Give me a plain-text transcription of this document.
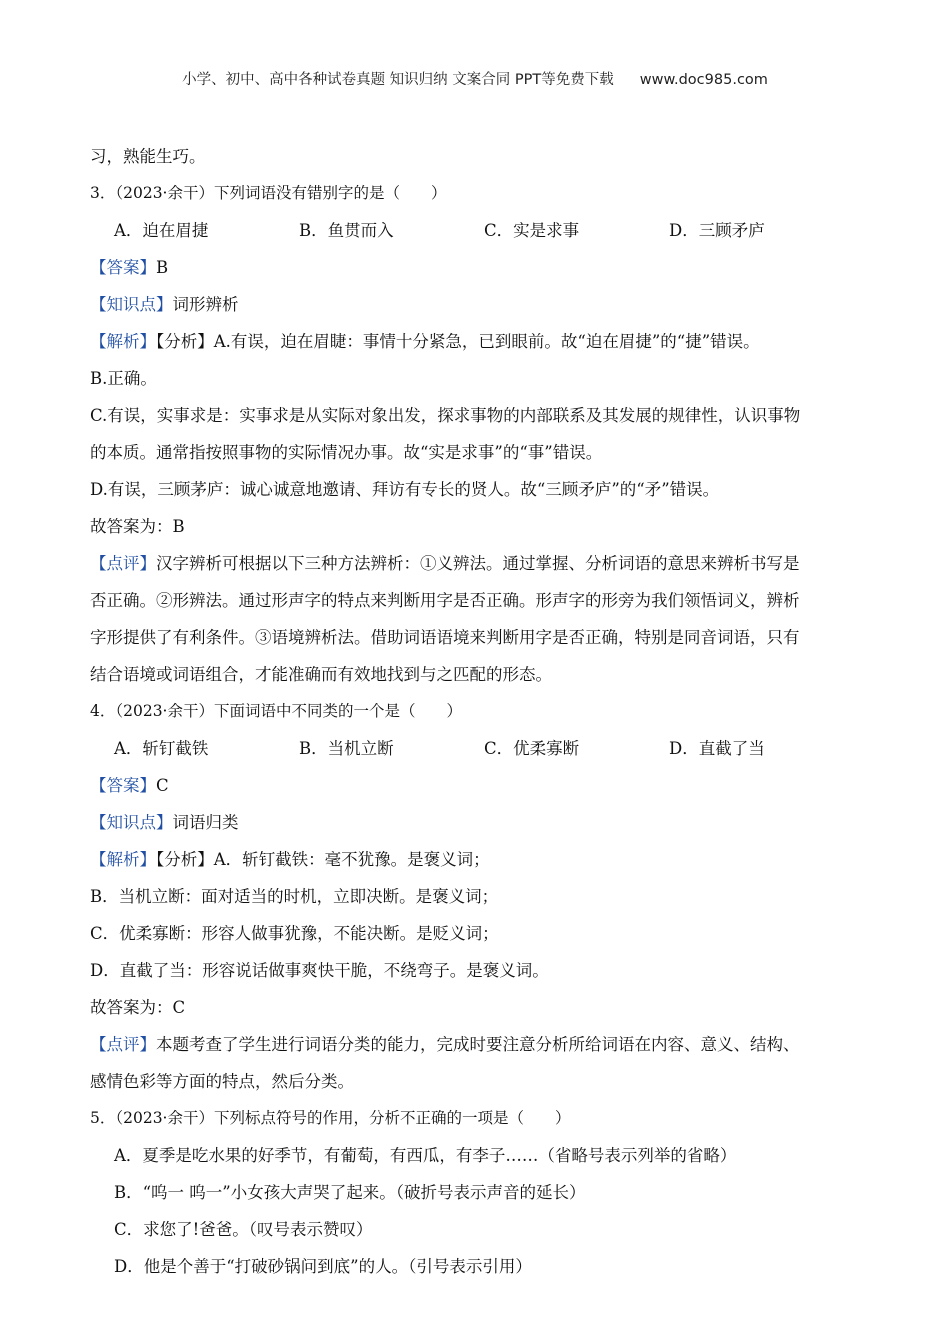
小学、初中、高中各种试卷真题 知识归纳 文案合同 PPT等免费下载 www.doc985.com
习，熟能生巧。
3．（2023·余干）下列词语没有错别字的是（　　）
A．迫在眉捷	B．鱼贯而入	C．实是求事	D．三顾矛庐
【答案】B
【知识点】词形辨析
【解析】【分析】A.有误，迫在眉睫：事情十分紧急，已到眼前。故“迫在眉捷”的“捷”错误。
B.正确。
C.有误，实事求是：实事求是从实际对象出发，探求事物的内部联系及其发展的规律性，认识事物
的本质。通常指按照事物的实际情况办事。故“实是求事”的“事”错误。
D.有误，三顾茅庐：诚心诚意地邀请、拜访有专长的贤人。故“三顾矛庐”的“矛”错误。
故答案为：B
【点评】汉字辨析可根据以下三种方法辨析：①义辨法。通过掌握、分析词语的意思来辨析书写是
否正确。②形辨法。通过形声字的特点来判断用字是否正确。形声字的形旁为我们领悟词义，辨析
字形提供了有利条件。③语境辨析法。借助词语语境来判断用字是否正确，特别是同音词语，只有
结合语境或词语组合，才能准确而有效地找到与之匹配的形态。
4．（2023·余干）下面词语中不同类的一个是（　　）
A．斩钉截铁	B．当机立断	C．优柔寡断	D．直截了当
【答案】C
【知识点】词语归类
【解析】【分析】A．斩钉截铁：毫不犹豫。是褒义词；
B．当机立断：面对适当的时机，立即决断。是褒义词；
C．优柔寡断：形容人做事犹豫，不能决断。是贬义词；
D．直截了当：形容说话做事爽快干脆，不绕弯子。是褒义词。
故答案为：C
【点评】本题考查了学生进行词语分类的能力，完成时要注意分析所给词语在内容、意义、结构、
感情色彩等方面的特点，然后分类。
5．（2023·余干）下列标点符号的作用，分析不正确的一项是（　　）
A．夏季是吃水果的好季节，有葡萄，有西瓜，有李子……（省略号表示列举的省略）
B．“呜一 呜一”小女孩大声哭了起来。（破折号表示声音的延长）
C．求您了!爸爸。（叹号表示赞叹）
D．他是个善于“打破砂锅问到底”的人。（引号表示引用）
